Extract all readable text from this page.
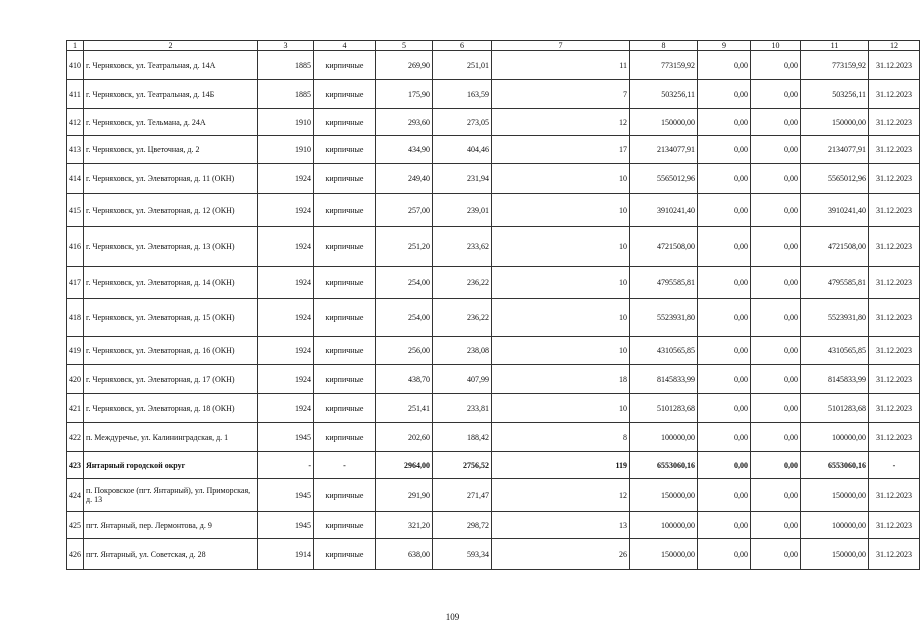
1	2	3	4	5	6	7	8	9	10	11	12
410	г. Черняховск, ул. Театральная, д. 14А	1885	кирпичные	269,90	251,01	11	773159,92	0,00	0,00	773159,92	31.12.2023
411	г. Черняховск, ул. Театральная, д. 14Б	1885	кирпичные	175,90	163,59	7	503256,11	0,00	0,00	503256,11	31.12.2023
412	г. Черняховск, ул. Тельмана, д. 24А	1910	кирпичные	293,60	273,05	12	150000,00	0,00	0,00	150000,00	31.12.2023
413	г. Черняховск, ул. Цветочная, д. 2	1910	кирпичные	434,90	404,46	17	2134077,91	0,00	0,00	2134077,91	31.12.2023
414	г. Черняховск, ул. Элеваторная, д. 11 (ОКН)	1924	кирпичные	249,40	231,94	10	5565012,96	0,00	0,00	5565012,96	31.12.2023
415	г. Черняховск, ул. Элеваторная, д. 12 (ОКН)	1924	кирпичные	257,00	239,01	10	3910241,40	0,00	0,00	3910241,40	31.12.2023
416	г. Черняховск, ул. Элеваторная, д. 13 (ОКН)	1924	кирпичные	251,20	233,62	10	4721508,00	0,00	0,00	4721508,00	31.12.2023
417	г. Черняховск, ул. Элеваторная, д. 14 (ОКН)	1924	кирпичные	254,00	236,22	10	4795585,81	0,00	0,00	4795585,81	31.12.2023
418	г. Черняховск, ул. Элеваторная, д. 15 (ОКН)	1924	кирпичные	254,00	236,22	10	5523931,80	0,00	0,00	5523931,80	31.12.2023
419	г. Черняховск, ул. Элеваторная, д. 16 (ОКН)	1924	кирпичные	256,00	238,08	10	4310565,85	0,00	0,00	4310565,85	31.12.2023
420	г. Черняховск, ул. Элеваторная, д. 17 (ОКН)	1924	кирпичные	438,70	407,99	18	8145833,99	0,00	0,00	8145833,99	31.12.2023
421	г. Черняховск, ул. Элеваторная, д. 18 (ОКН)	1924	кирпичные	251,41	233,81	10	5101283,68	0,00	0,00	5101283,68	31.12.2023
422	п. Междуречье, ул. Калининградская, д. 1	1945	кирпичные	202,60	188,42	8	100000,00	0,00	0,00	100000,00	31.12.2023
423	Янтарный городской округ	-	-	2964,00	2756,52	119	6553060,16	0,00	0,00	6553060,16	-
424	п. Покровское (пгт. Янтарный), ул. Приморская, д. 13	1945	кирпичные	291,90	271,47	12	150000,00	0,00	0,00	150000,00	31.12.2023
425	пгт. Янтарный, пер. Лермонтова, д. 9	1945	кирпичные	321,20	298,72	13	100000,00	0,00	0,00	100000,00	31.12.2023
426	пгт. Янтарный, ул. Советская, д. 28	1914	кирпичные	638,00	593,34	26	150000,00	0,00	0,00	150000,00	31.12.2023
109
